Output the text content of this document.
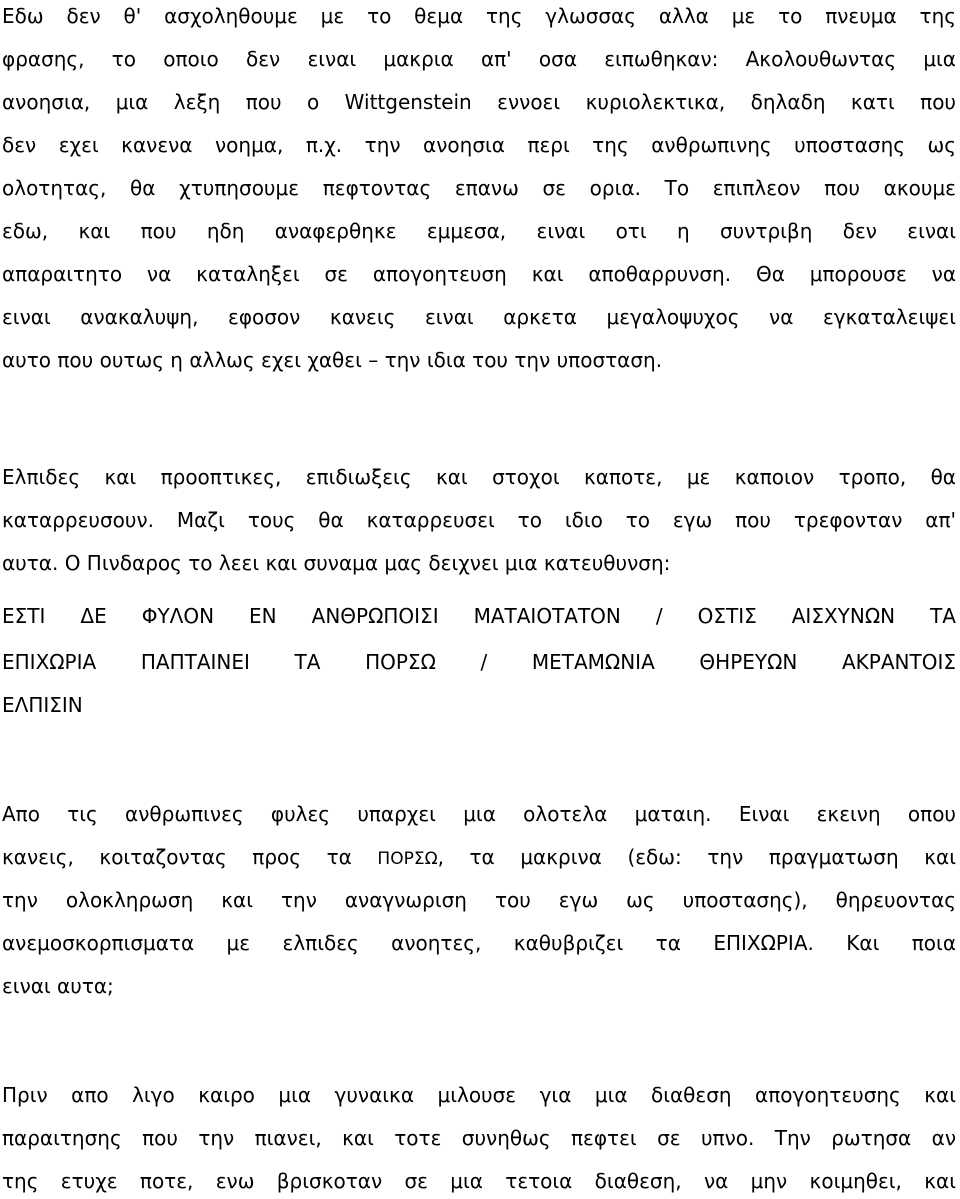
Εδω δεν θ' ασχοληθουμε με το θεμα της γλωσσας αλλα με το πνευμα της
φρασης, το οποιο δεν ειναι μακρια απ' οσα ειπωθηκαν: Ακολουθωντας μια
ανοησια, μια λεξη που ο Wittgenstein εννοει κυριολεκτικα, δηλαδη κατι που
δεν εχει κανενα νοημα, π.χ. την ανοησια περι της ανθρωπινης υποστασης ως
ολοτητας, θα χτυπησουμε πεφτοντας επανω σε ορια. Το επιπλεον που ακουμε
εδω, και που ηδη αναφερθηκε εμμεσα, ειναι οτι η συντριβη δεν ειναι
απαραιτητο να καταληξει σε απογοητευση και αποθαρρυνση. Θα μπορουσε να
ειναι ανακαλυψη, εφοσον κανεις ειναι αρκετα μεγαλοψυχος να εγκαταλειψει
αυτο που ουτως η αλλως εχει χαθει – την ιδια του την υποσταση.
Ελπιδες και προοπτικες, επιδιωξεις και στοχοι καποτε, με καποιον τροπο, θα
καταρρευσουν. Μαζι τους θα καταρρευσει το ιδιο το εγω που τρεφονταν απ'
αυτα. Ο Πινδαρος το λεει και συναμα μας δειχνει μια κατευθυνση:
ΕΣΤΙ ΔΕ ΦΥΛΟΝ ΕΝ ΑΝΘΡΩΠΟΙΣΙ ΜΑΤΑΙΟΤΑΤΟΝ / ΟΣΤΙΣ ΑΙΣΧΥΝΩΝ ΤΑ
ΕΠΙΧΩΡΙΑ ΠΑΠΤΑΙΝΕΙ ΤΑ ΠΟΡΣΩ / ΜΕΤΑΜΩΝΙΑ ΘΗΡΕΥΩΝ ΑΚΡΑΝΤΟΙΣ
ΕΛΠΙΣΙΝ
Απο τις ανθρωπινες φυλες υπαρχει μια ολοτελα ματαιη. Ειναι εκεινη οπου
κανεις, κοιταζοντας προς τα ΠΟΡΣΩ, τα μακρινα (εδω: την πραγματωση και
την ολοκληρωση και την αναγνωριση του εγω ως υποστασης), θηρευοντας
ανεμοσκορπισματα με ελπιδες ανοητες, καθυβριζει τα ΕΠΙΧΩΡΙΑ. Και ποια
ειναι αυτα;
Πριν απο λιγο καιρο μια γυναικα μιλουσε για μια διαθεση απογοητευσης και
παραιτησης που την πιανει, και τοτε συνηθως πεφτει σε υπνο. Την ρωτησα αν
της ετυχε ποτε, ενω βρισκοταν σε μια τετοια διαθεση, να μην κοιμηθει, και
